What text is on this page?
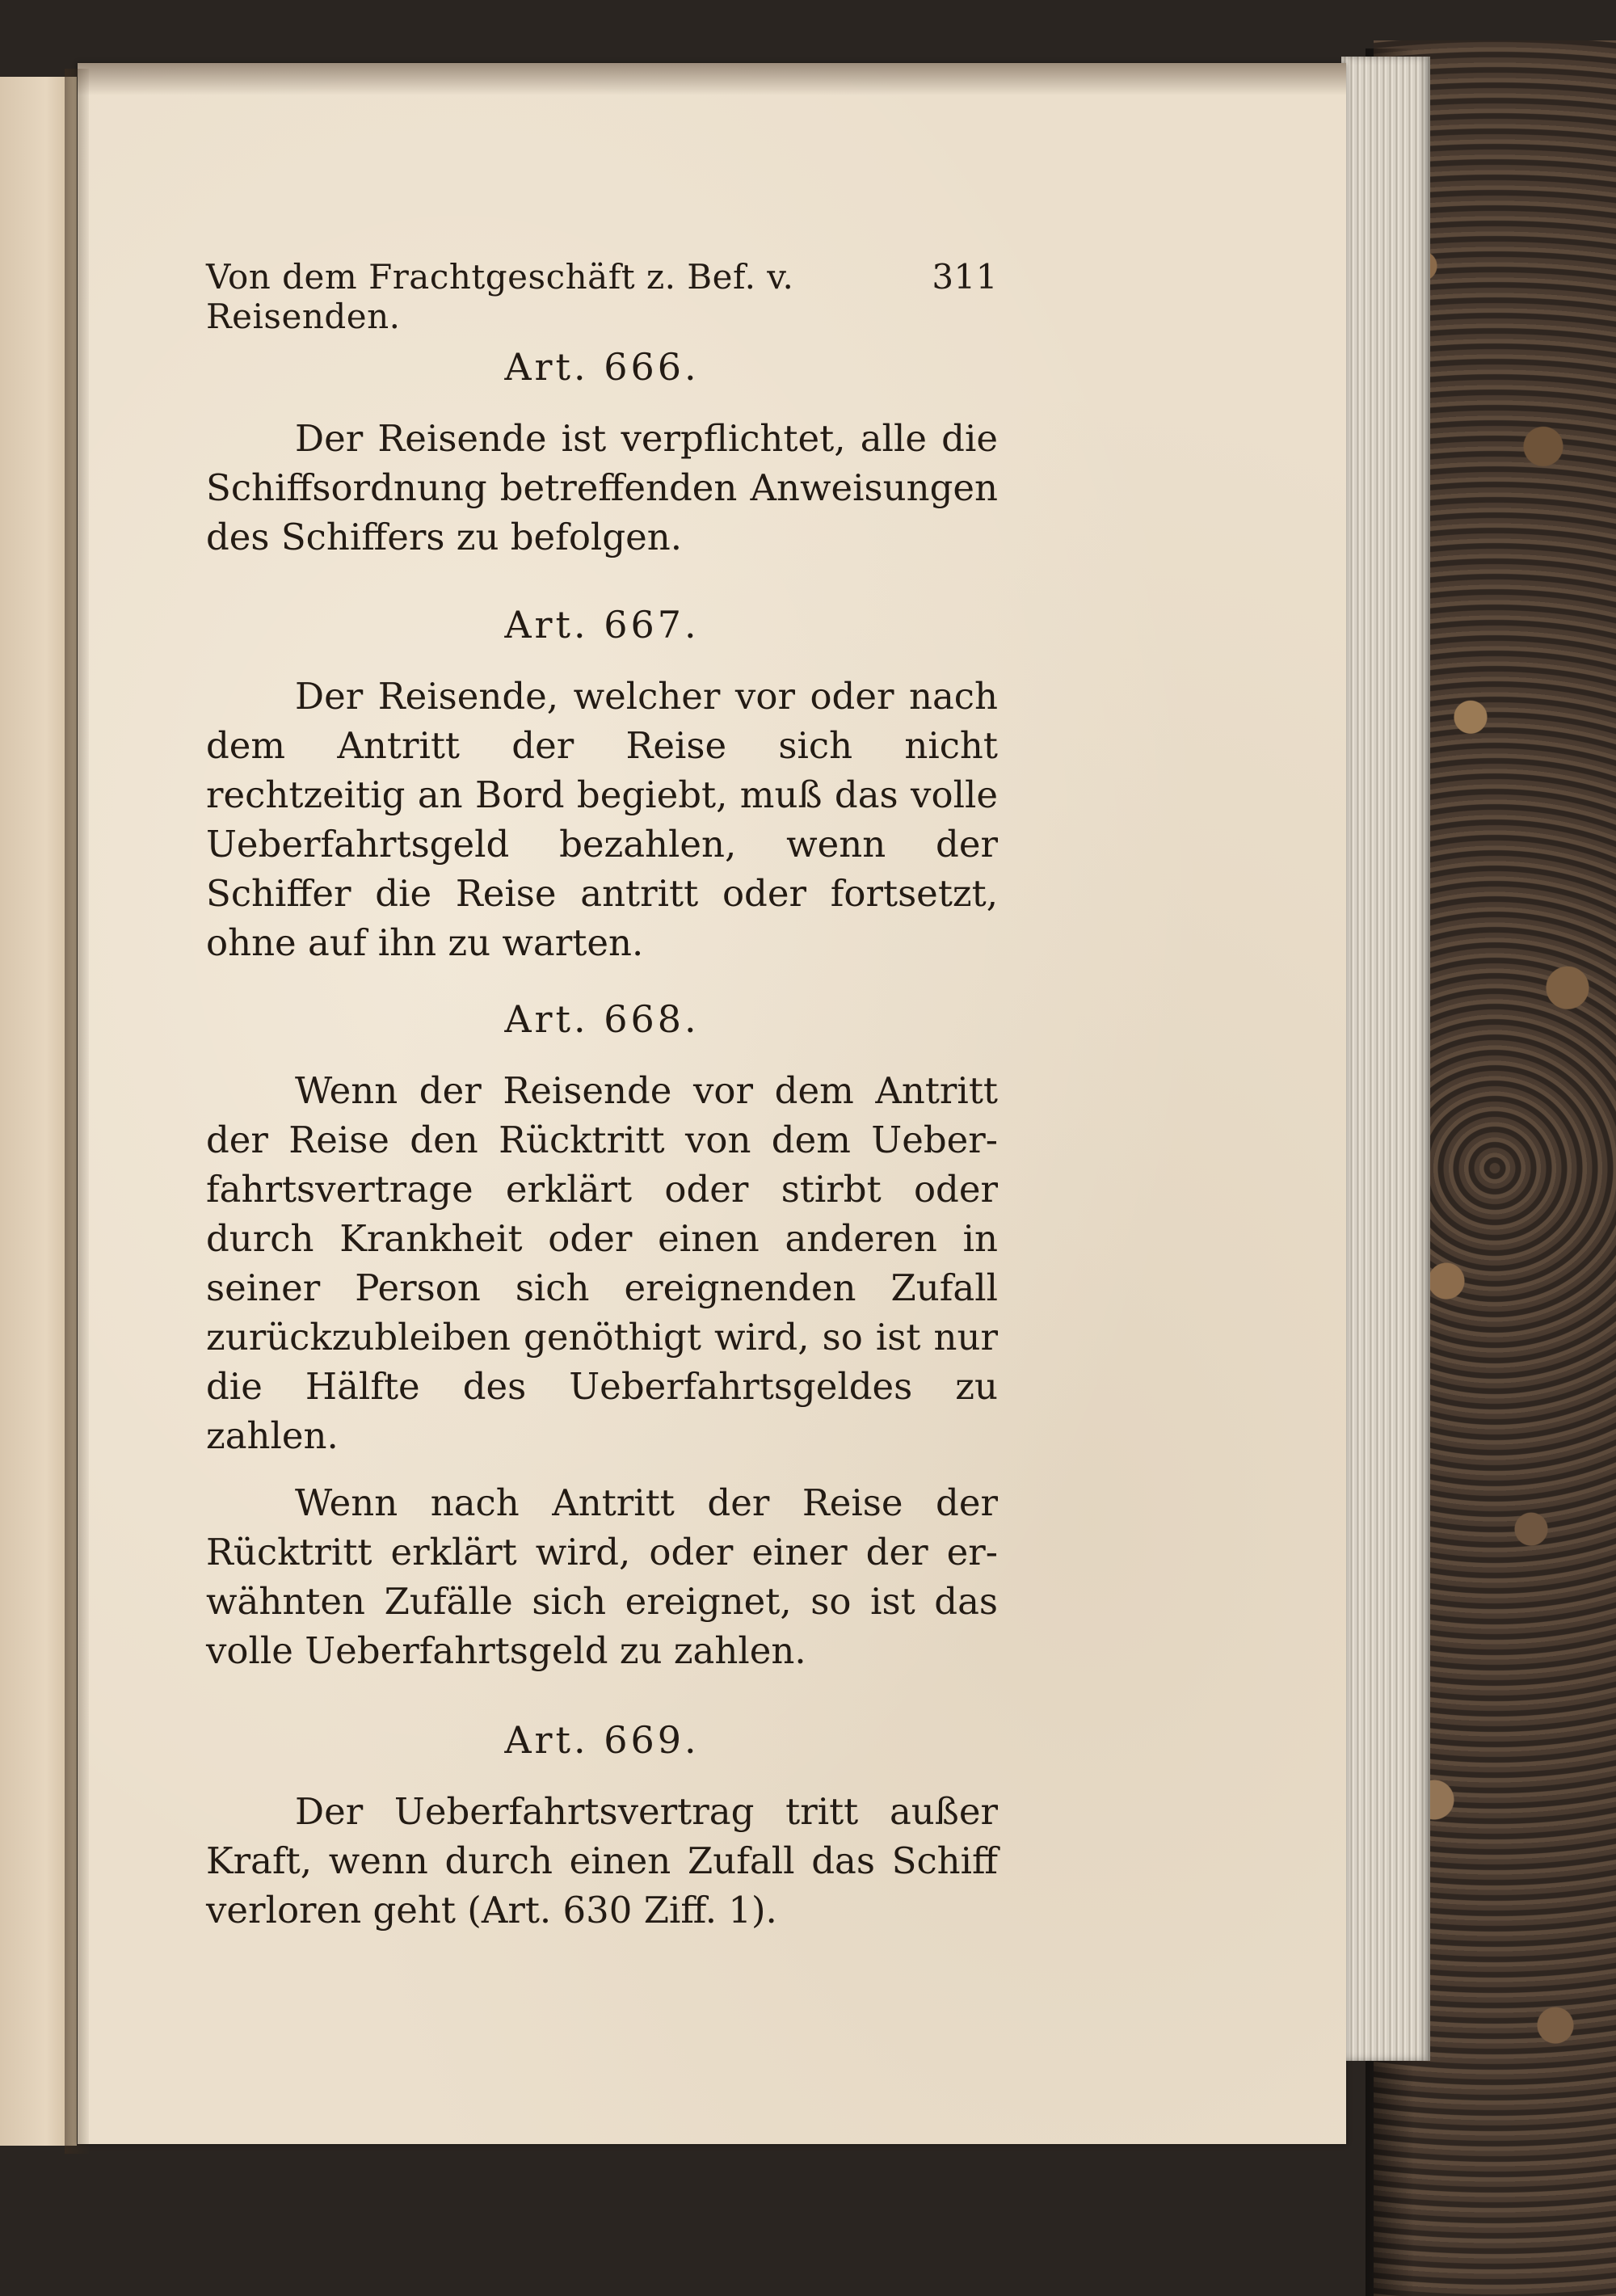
Von dem Frachtgeschäft z. Bef. v. Reisenden.
311
Art. 666.

Der Reisende ist verpflichtet, alle die Schiffsordnung betreffenden Anweisungen des Schiffers zu befolgen.

Art. 667.

Der Reisende, welcher vor oder nach dem Antritt der Reise sich nicht rechtzeitig an Bord begiebt, muß das volle Ueberfahrtsgeld bezahlen, wenn der Schiffer die Reise antritt oder fortsetzt, ohne auf ihn zu warten.

Art. 668.

Wenn der Reisende vor dem Antritt der Reise den Rücktritt von dem Ueberfahrtsvertrage erklärt oder stirbt oder durch Krankheit oder einen anderen in seiner Person sich ereignenden Zufall zurückzubleiben genöthigt wird, so ist nur die Hälfte des Ueberfahrtsgeldes zu zahlen.

Wenn nach Antritt der Reise der Rücktritt erklärt wird, oder einer der erwähnten Zufälle sich ereignet, so ist das volle Ueberfahrtsgeld zu zahlen.

Art. 669.

Der Ueberfahrtsvertrag tritt außer Kraft, wenn durch einen Zufall das Schiff verloren geht (Art. 630 Ziff. 1).
